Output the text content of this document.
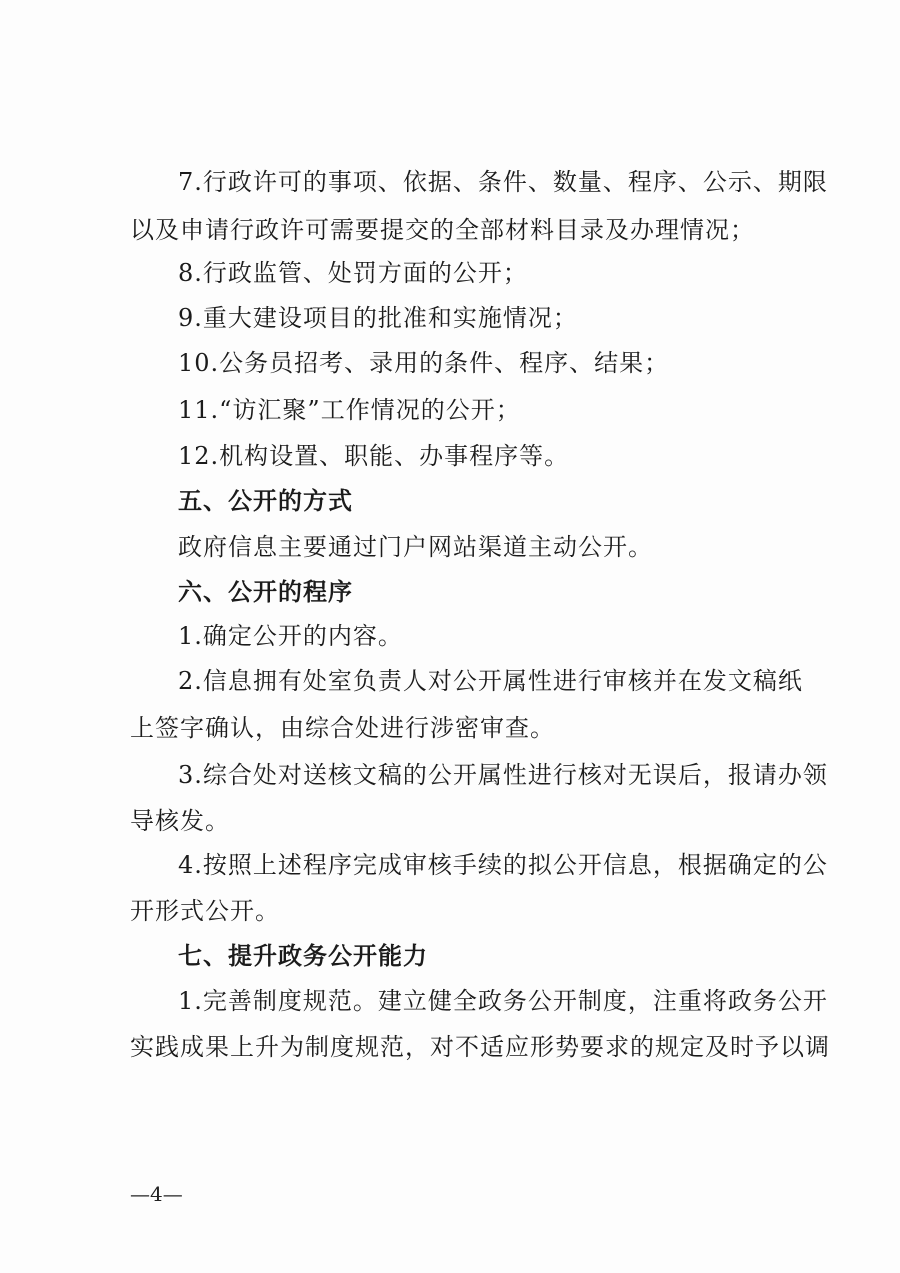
7.行政许可的事项、依据、条件、数量、程序、公示、期限
以及申请行政许可需要提交的全部材料目录及办理情况；
8.行政监管、处罚方面的公开；
9.重大建设项目的批准和实施情况；
10.公务员招考、录用的条件、程序、结果；
11.“访汇聚”工作情况的公开；
12.机构设置、职能、办事程序等。
五、公开的方式
政府信息主要通过门户网站渠道主动公开。
六、公开的程序
1.确定公开的内容。
2.信息拥有处室负责人对公开属性进行审核并在发文稿纸
上签字确认，由综合处进行涉密审查。
3.综合处对送核文稿的公开属性进行核对无误后，报请办领
导核发。
4.按照上述程序完成审核手续的拟公开信息，根据确定的公
开形式公开。
七、提升政务公开能力
1.完善制度规范。建立健全政务公开制度，注重将政务公开
实践成果上升为制度规范，对不适应形势要求的规定及时予以调
—4—
